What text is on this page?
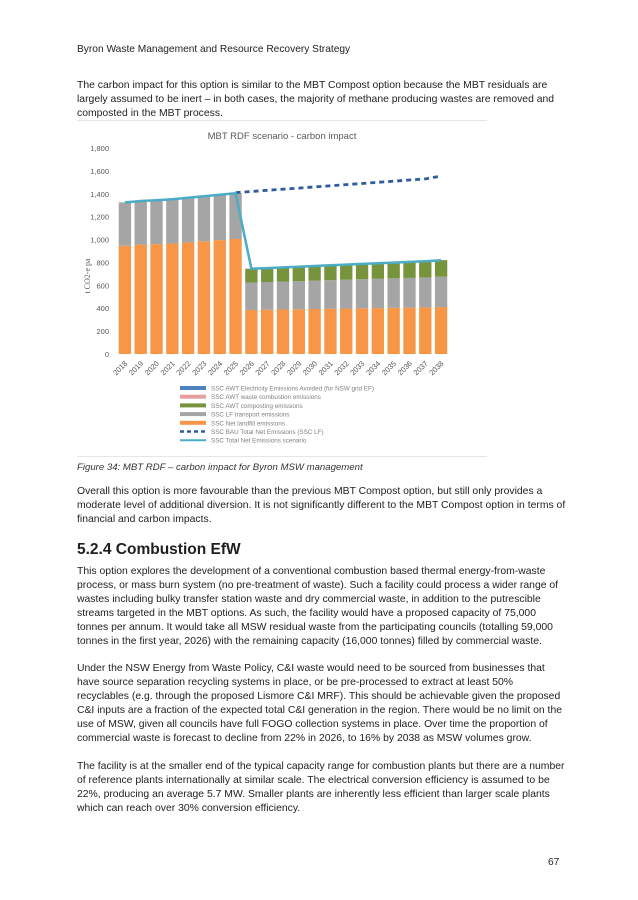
Byron Waste Management and Resource Recovery Strategy

The carbon impact for this option is similar to the MBT Compost option because the MBT residuals are largely assumed to be inert – in both cases, the majority of methane producing wastes are removed and composted in the MBT process.

MBT RDF scenario - carbon impact
t CO2-e pa
0
200
400
600
800
1,000
1,200
1,400
1,600
1,800
2018
2019
2020
2021
2022
2023
2024
2025
2026
2027
2028
2029
2030
2031
2032
2033
2034
2035
2036
2037
2038
SSC AWT Electricity Emissions Avoided (for NSW grid EF)
SSC AWT waste combustion emissions
SSC AWT composting emissions
SSC LF transport emissions
SSC Net landfill emissions
SSC BAU Total Net Emissions (SSC LF)
SSC Total Net Emissions scenario
Figure 34: MBT RDF – carbon impact for Byron MSW management

Overall this option is more favourable than the previous MBT Compost option, but still only provides a moderate level of additional diversion. It is not significantly different to the MBT Compost option in terms of financial and carbon impacts.

5.2.4 Combustion EfW

This option explores the development of a conventional combustion based thermal energy-from-waste process, or mass burn system (no pre-treatment of waste). Such a facility could process a wider range of wastes including bulky transfer station waste and dry commercial waste, in addition to the putrescible streams targeted in the MBT options. As such, the facility would have a proposed capacity of 75,000 tonnes per annum. It would take all MSW residual waste from the participating councils (totalling 59,000 tonnes in the first year, 2026) with the remaining capacity (16,000 tonnes) filled by commercial waste.

Under the NSW Energy from Waste Policy, C&I waste would need to be sourced from businesses that have source separation recycling systems in place, or be pre-processed to extract at least 50% recyclables (e.g. through the proposed Lismore C&I MRF). This should be achievable given the proposed C&I inputs are a fraction of the expected total C&I generation in the region. There would be no limit on the use of MSW, given all councils have full FOGO collection systems in place. Over time the proportion of commercial waste is forecast to decline from 22% in 2026, to 16% by 2038 as MSW volumes grow.

The facility is at the smaller end of the typical capacity range for combustion plants but there are a number of reference plants internationally at similar scale. The electrical conversion efficiency is assumed to be 22%, producing an average 5.7 MW. Smaller plants are inherently less efficient than larger scale plants which can reach over 30% conversion efficiency.

67
